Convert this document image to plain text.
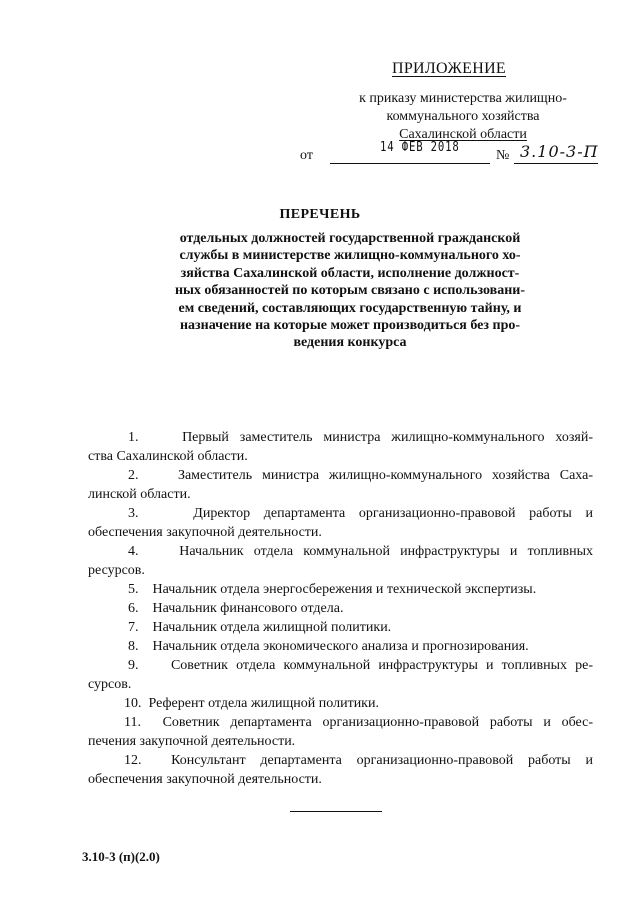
ПРИЛОЖЕНИЕ
к приказу министерства жилищно-
коммунального хозяйства
Сахалинской области
от
14 ФЕВ 2018
№ 3.10-3-П
ПЕРЕЧЕНЬ
отдельных должностей государственной гражданской
службы в министерстве жилищно-коммунального хо-
зяйства Сахалинской области, исполнение должност-
ных обязанностей по которым связано с использовани-
ем сведений, составляющих государственную тайну, и
назначение на которые может производиться без про-
ведения конкурса
1.	Первый заместитель министра жилищно-коммунального хозяй-
ства Сахалинской области.
2.	Заместитель министра жилищно-коммунального хозяйства Саха-
линской области.
3.	Директор департамента организационно-правовой работы и
обеспечения закупочной деятельности.
4.	Начальник отдела коммунальной инфраструктуры и топливных
ресурсов.
5. Начальник отдела энергосбережения и технической экспертизы.
6. Начальник финансового отдела.
7. Начальник отдела жилищной политики.
8. Начальник отдела экономического анализа и прогнозирования.
9. Советник отдела коммунальной инфраструктуры и топливных ре-
сурсов.
10. Референт отдела жилищной политики.
11. Советник департамента организационно-правовой работы и обес-
печения закупочной деятельности.
12. Консультант департамента организационно-правовой работы и
обеспечения закупочной деятельности.
3.10-3 (п)(2.0)
